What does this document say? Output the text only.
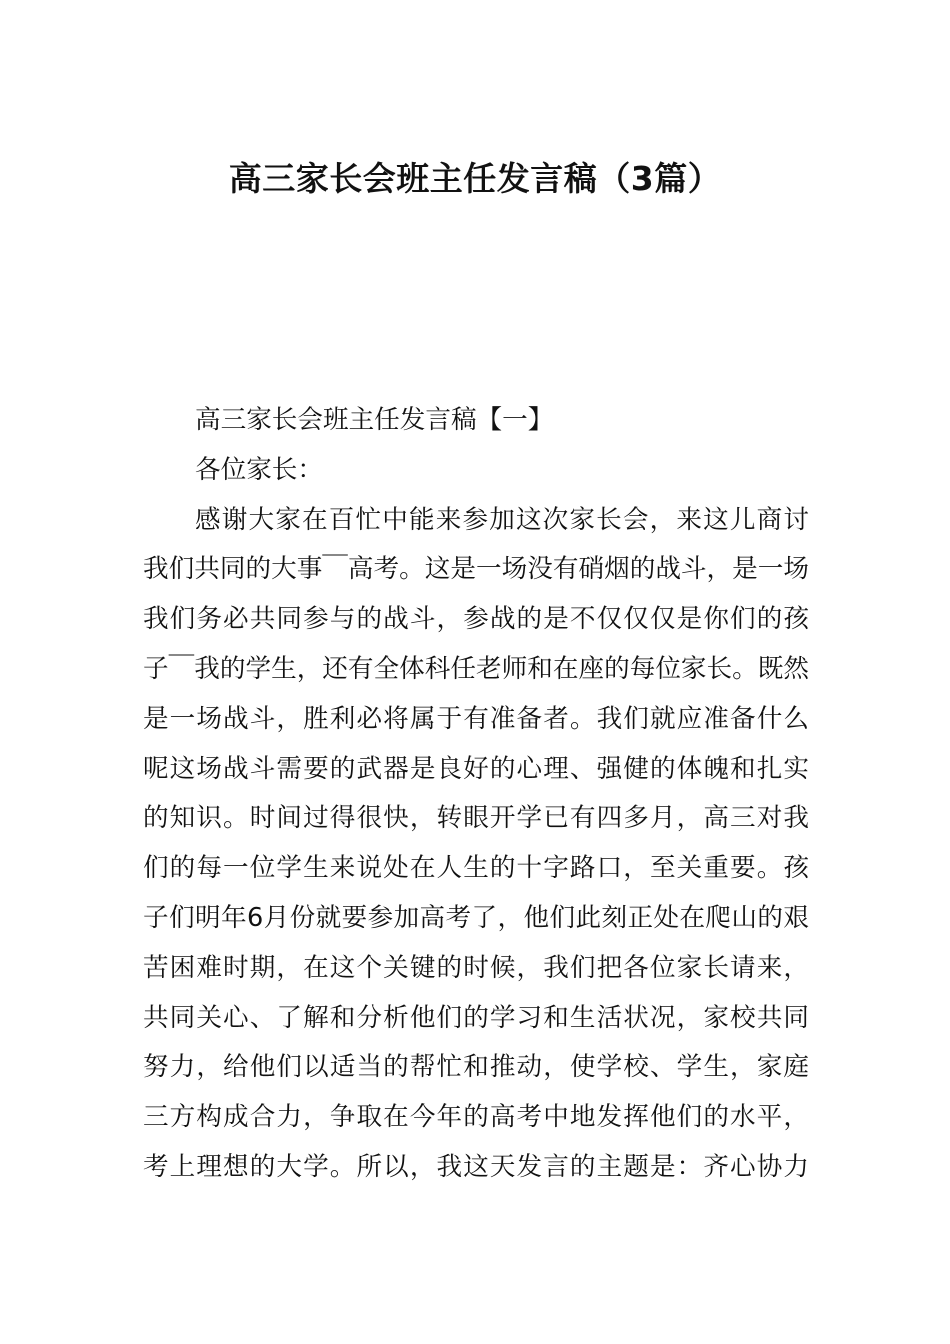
高三家长会班主任发言稿（3篇）
高三家长会班主任发言稿【一】
各位家长：
感谢大家在百忙中能来参加这次家长会，来这儿商讨
我们共同的大事￣高考。这是一场没有硝烟的战斗，是一场
我们务必共同参与的战斗，参战的是不仅仅仅是你们的孩
子￣我的学生，还有全体科任老师和在座的每位家长。既然
是一场战斗，胜利必将属于有准备者。我们就应准备什么
呢这场战斗需要的武器是良好的心理、强健的体魄和扎实
的知识。时间过得很快，转眼开学已有四多月，高三对我
们的每一位学生来说处在人生的十字路口，至关重要。孩
子们明年6月份就要参加高考了，他们此刻正处在爬山的艰
苦困难时期，在这个关键的时候，我们把各位家长请来，
共同关心、了解和分析他们的学习和生活状况，家校共同
努力，给他们以适当的帮忙和推动，使学校、学生，家庭
三方构成合力，争取在今年的高考中地发挥他们的水平，
考上理想的大学。所以，我这天发言的主题是：齐心协力
